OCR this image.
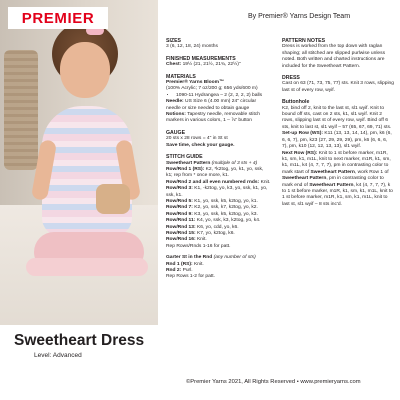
PREMIER	By Premier® Yarns Design Team

SIZES

3 (6, 12, 18, 24) months

FINISHED MEASUREMENTS

Chest: 19½ (21, 21½, 21¾, 22½)"

MATERIALS

Premier® Yarns Bloom™

(100% Acrylic; 7 oz/200 g; 656 yds/600 m)

• 1090-11 Hydrangea – 2 (2, 2, 2, 2) balls

Needle: US Size 6 (4.00 mm) 24" circular needle or size needed to obtain gauge

Notions: Tapestry needle, removable stitch markers in various colors, 1 – ⅞" button

GAUGE

20 sts x 28 rows = 4" in St st

Save time, check your gauge.

STITCH GUIDE

Sweetheart Pattern (multiple of 3 sts + 4)

Row/Rnd 1 (RS): K2, *k2tog, yo, k1, yo, ssk, k1; rep from * once more, k1.

Row/Rnd 2 and all even numbered rnds: Knit.

Row/Rnd 3: K1, -k2tog, yo, k3, yo, ssk, k1, yo, ssk, k1.

Row/Rnd 5: K1, yo, ssk, k5, k2tog, yo, k1.

Row/Rnd 7: K2, yo, ssk, k7, k2tog, yo, k2.

Row/Rnd 9: K3, yo, ssk, k5, k2tog, yo, k3.

Row/Rnd 11: K4, yo, ssk, k3, k2tog, yo, k4.

Row/Rnd 13: K6, yo, cdd, yo, k6.

Row/Rnd 15: K7, yo, k2tog, k6.

Row/Rnd 16: Knit.

Rep Rows/Rnds 1-16 for patt.

Garter St in the Rnd (any number of sts)

Rnd 1 (RS): Knit.

Rnd 2: Purl.

Rep Rows 1-2 for patt.

PATTERN NOTES

Dress is worked from the top down with raglan shaping; all stitched are slipped purlwise unless noted. Both written and charted instructions are included for the Sweetheart Pattern.

DRESS

Cast on 63 (71, 73, 75, 77) sts. Knit 3 rows, slipping last st of every row, wyif.

Buttonhole

K2, bind off 2, knit to the last st, sl1 wyif. Knit to bound off sts, cast on 2 sts, k1, sl1 wyif. Knit 2 rows, slipping last st of every row, wyif. Bind off 6 sts, knit to last st, sl1 wyif – 57 (65, 67, 69, 71) sts.

Set-up Row (WS): K11 (13, 13, 14, 14), pm, k6 (6, 6, 6, 7), pm, k23 (27, 29, 29, 29), pm, k6 (6, 6, 6, 7), pm, k10 (12, 12, 13, 13), sl1 wyif.

Next Row (RS): Knit to 1 st before marker, m1R, k1, sm, k1, m1L, knit to next marker, m1R, k1, sm, k1, m1L, k4 (4, 7, 7, 7), pm in contrasting color to mark start of Sweetheart Pattern, work Row 1 of Sweetheart Pattern, pm in contrasting color to mark end of Sweetheart Pattern, k4 (4, 7, 7, 7), k to 1 st before marker, m1R, k1, sm, k1, m1L, knit to 1 st before marker, m1R, k1, sm, k1, m1L, knit to last st, sl1 wyif – 8 sts inc'd.

Sweetheart Dress
Level: Advanced
©Premier Yarns 2021, All Rights Reserved • www.premieryarns.com
